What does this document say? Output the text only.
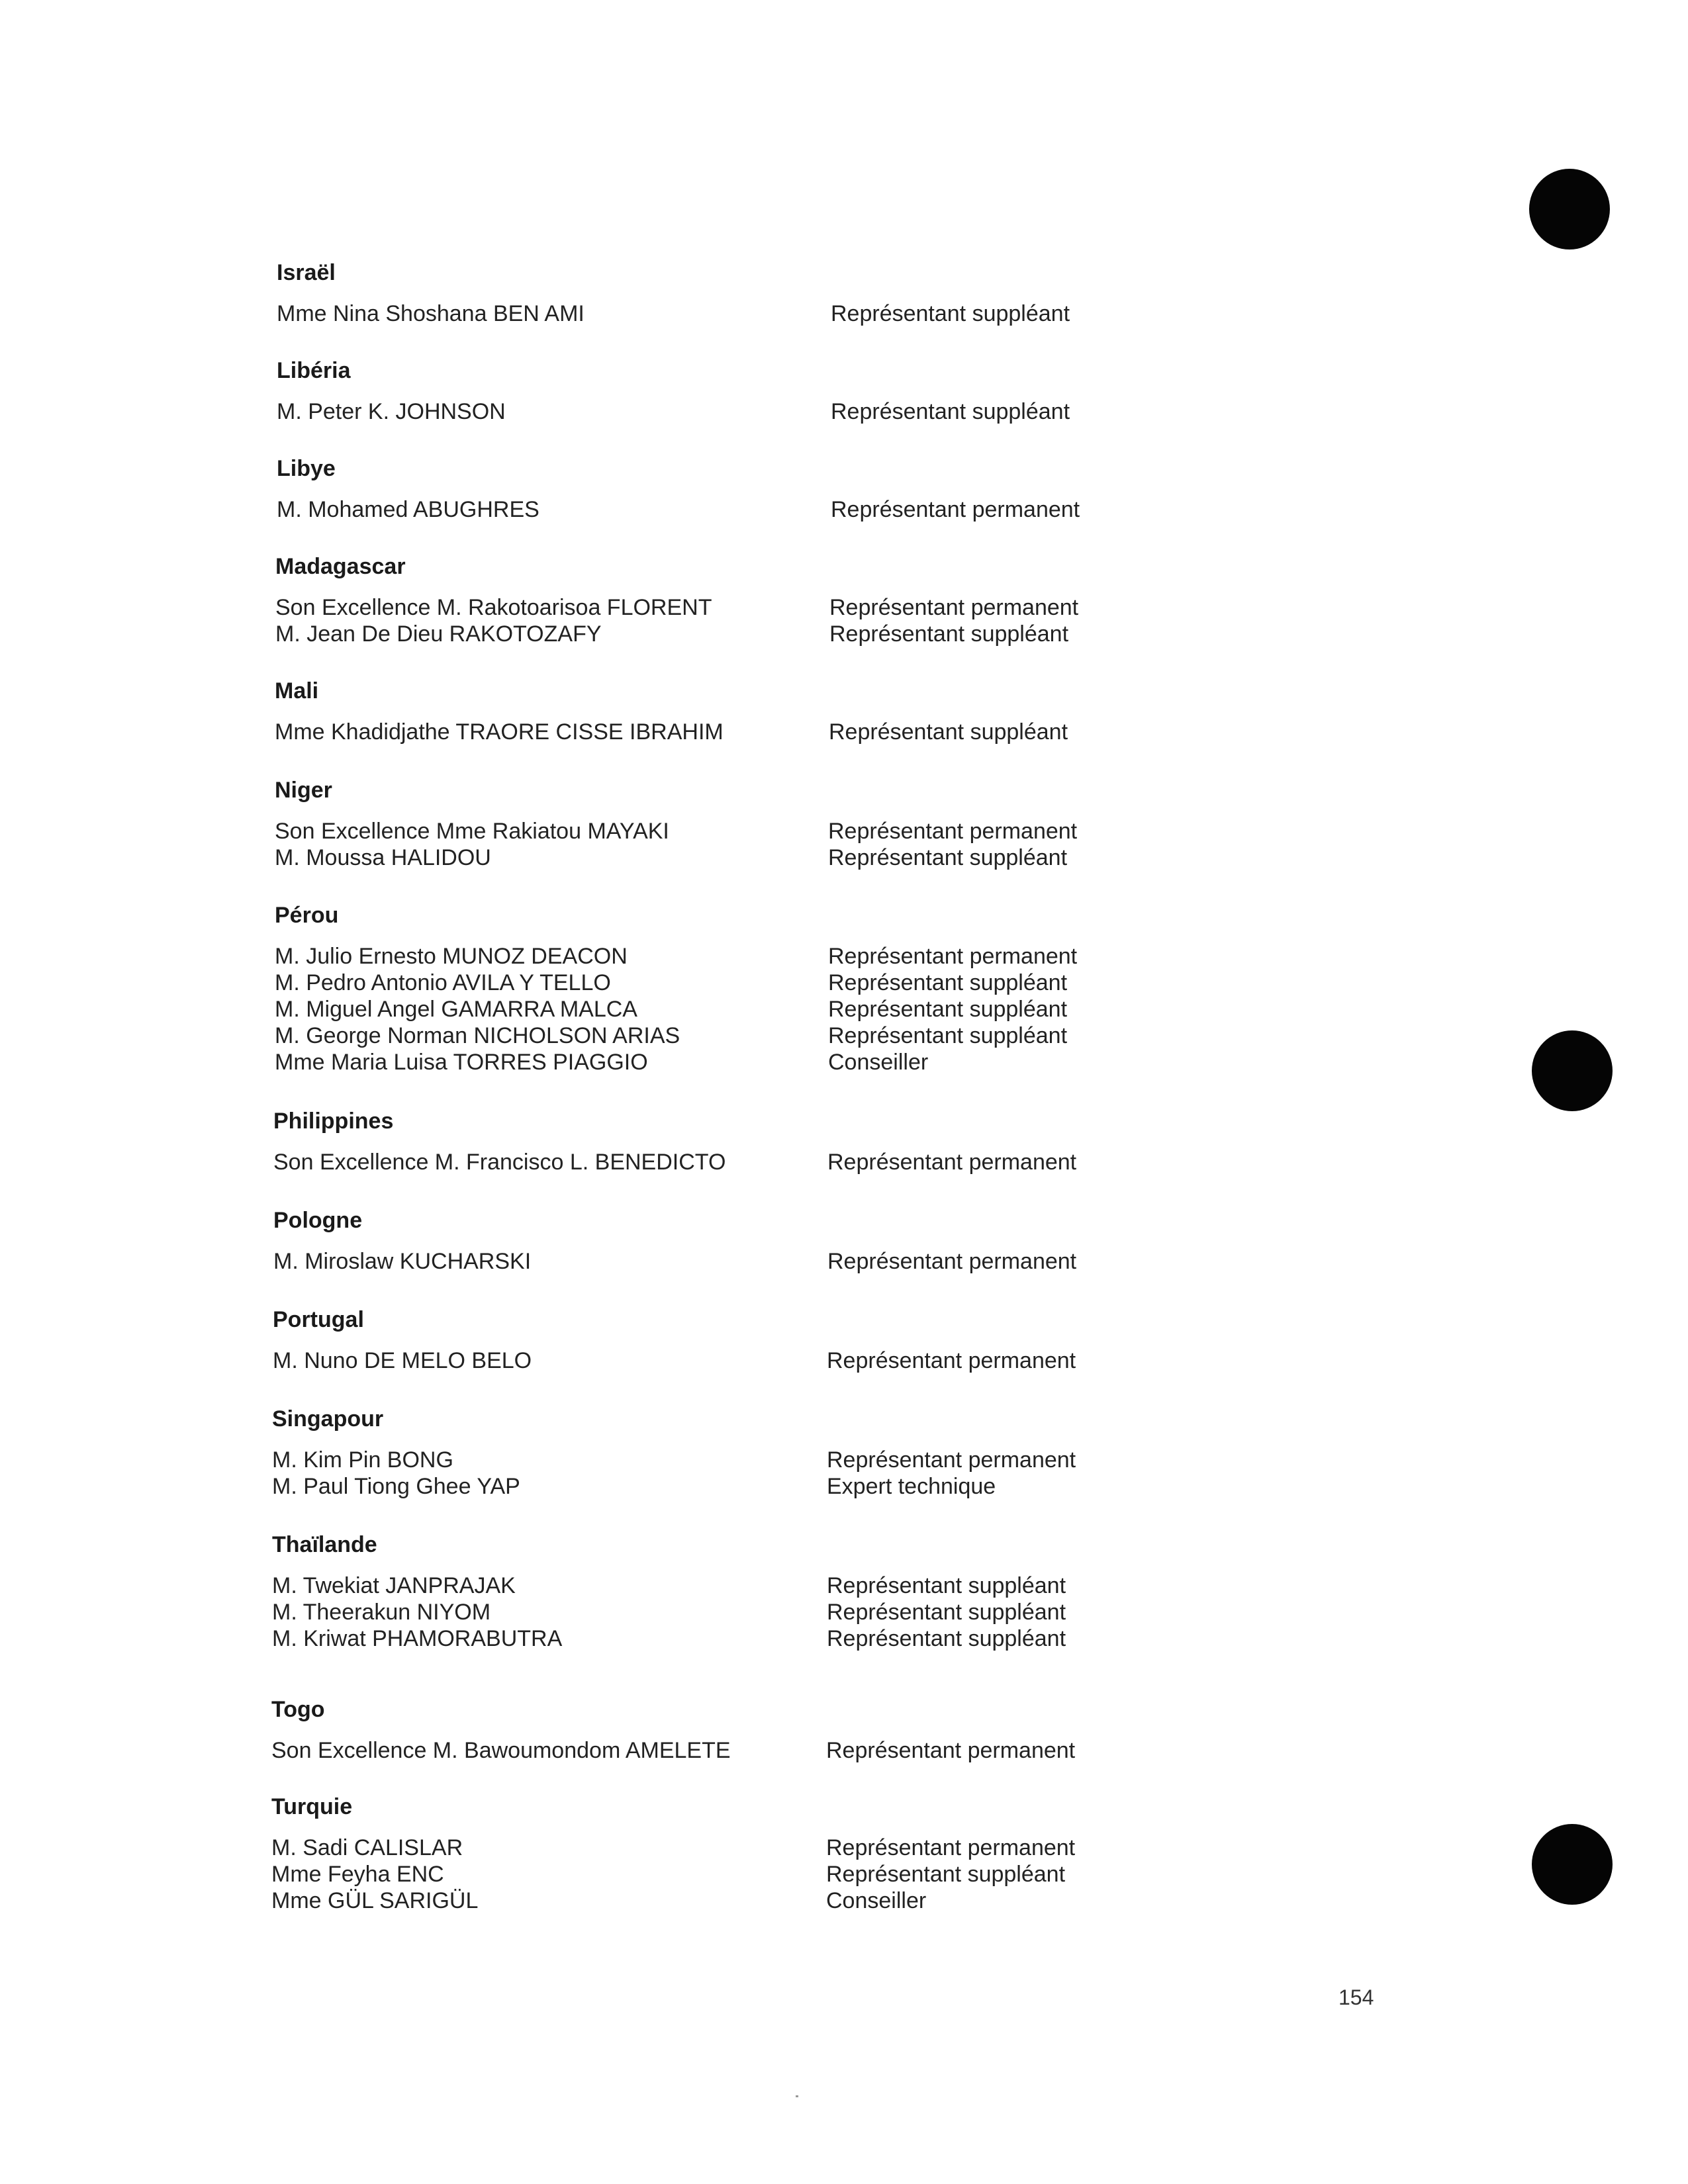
Israël
Mme Nina Shoshana BEN AMI	Représentant suppléant
Libéria
M. Peter K. JOHNSON	Représentant suppléant
Libye
M. Mohamed ABUGHRES	Représentant permanent
Madagascar
Son Excellence M. Rakotoarisoa FLORENT	Représentant permanent
M. Jean De Dieu RAKOTOZAFY	Représentant suppléant
Mali
Mme Khadidjathe TRAORE CISSE IBRAHIM	Représentant suppléant
Niger
Son Excellence Mme Rakiatou MAYAKI	Représentant permanent
M. Moussa HALIDOU	Représentant suppléant
Pérou
M. Julio Ernesto MUNOZ DEACON	Représentant permanent
M. Pedro Antonio AVILA Y TELLO	Représentant suppléant
M. Miguel Angel GAMARRA MALCA	Représentant suppléant
M. George Norman NICHOLSON ARIAS	Représentant suppléant
Mme Maria Luisa TORRES PIAGGIO	Conseiller
Philippines
Son Excellence M. Francisco L. BENEDICTO	Représentant permanent
Pologne
M. Miroslaw KUCHARSKI	Représentant permanent
Portugal
M. Nuno DE MELO BELO	Représentant permanent
Singapour
M. Kim Pin BONG	Représentant permanent
M. Paul Tiong Ghee YAP	Expert technique
Thaïlande
M. Twekiat JANPRAJAK	Représentant suppléant
M. Theerakun NIYOM	Représentant suppléant
M. Kriwat PHAMORABUTRA	Représentant suppléant
Togo
Son Excellence M. Bawoumondom AMELETE	Représentant permanent
Turquie
M. Sadi CALISLAR	Représentant permanent
Mme Feyha ENC	Représentant suppléant
Mme GÜL SARIGÜL	Conseiller
154
